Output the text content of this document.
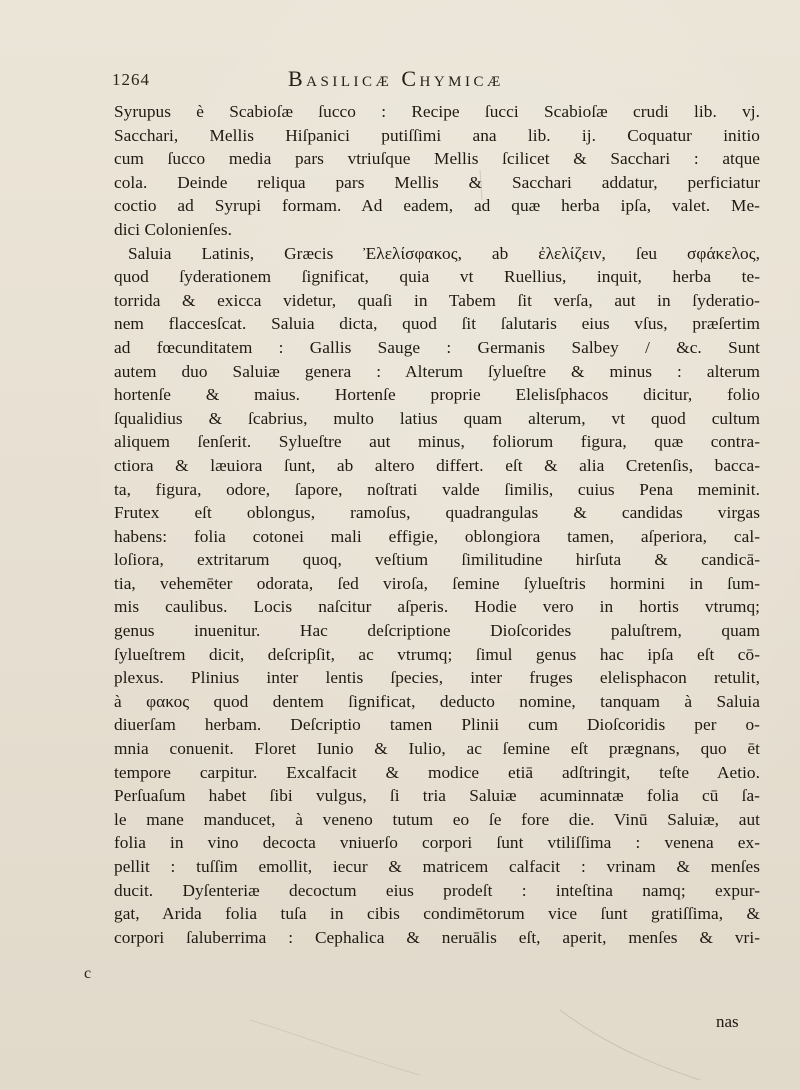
1264	Basilicæ Chymicæ
Syrupus è Scabioſæ ſucco : Recipe ſucci Scabioſæ crudi lib. vj.
Sacchari, Mellis Hiſpanici putiſſimi ana lib. ij. Coquatur initio
cum ſucco media pars vtriuſque Mellis ſcilicet & Sacchari : atque
cola. Deinde reliqua pars Mellis & Sacchari addatur, perficiatur
coctio ad Syrupi formam. Ad eadem, ad quæ herba ipſa, valet. Me-
dici Colonienſes.
Saluia Latinis, Græcis Ἐλελίσφακος, ab ἐλελίζειν, ſeu σφάκελος,
quod ſyderationem ſignificat, quia vt Ruellius, inquit, herba te-
torrida & exicca videtur, quaſi in Tabem ſit verſa, aut in ſyderatio-
nem flaccesſcat. Saluia dicta, quod ſit ſalutaris eius vſus, præſertim
ad fœcunditatem : Gallis Sauge : Germanis Salbey / &c. Sunt
autem duo Saluiæ genera : Alterum ſylueſtre & minus : alterum
hortenſe & maius. Hortenſe proprie Elelisſphacos dicitur, folio
ſqualidius & ſcabrius, multo latius quam alterum, vt quod cultum
aliquem ſenſerit. Sylueſtre aut minus, foliorum figura, quæ contra-
ctiora & læuiora ſunt, ab altero differt. eſt & alia Cretenſis, bacca-
ta, figura, odore, ſapore, noſtrati valde ſimilis, cuius Pena meminit.
Frutex eſt oblongus, ramoſus, quadrangulas & candidas virgas
habens: folia cotonei mali effigie, oblongiora tamen, aſperiora, cal-
loſiora, extritarum quoq, veſtium ſimilitudine hirſuta & candicā-
tia, vehemēter odorata, ſed viroſa, ſemine ſylueſtris hormini in ſum-
mis caulibus. Locis naſcitur aſperis. Hodie vero in hortis vtrumq;
genus inuenitur. Hac deſcriptione Dioſcorides paluſtrem, quam
ſylueſtrem dicit, deſcripſit, ac vtrumq; ſimul genus hac ipſa eſt cō-
plexus. Plinius inter lentis ſpecies, inter fruges elelisphacon retulit,
à φακος quod dentem ſignificat, deducto nomine, tanquam à Saluia
diuerſam herbam. Deſcriptio tamen Plinii cum Dioſcoridis per o-
mnia conuenit. Floret Iunio & Iulio, ac ſemine eſt prægnans, quo ēt
tempore carpitur. Excalfacit & modice etiā adſtringit, teſte Aetio.
Perſuaſum habet ſibi vulgus, ſi tria Saluiæ acuminnatæ folia cū ſa-
le mane manducet, à veneno tutum eo ſe fore die. Vinū Saluiæ, aut
folia in vino decocta vniuerſo corpori ſunt vtiliſſima : venena ex-
pellit : tuſſim emollit, iecur & matricem calfacit : vrinam & menſes
ducit. Dyſenteriæ decoctum eius prodeſt : inteſtina namq; expur-
gat, Arida folia tuſa in cibis condimētorum vice ſunt gratiſſima, &
corpori ſaluberrima : Cephalica & neruālis eſt, aperit, menſes & vri-
c
nas
